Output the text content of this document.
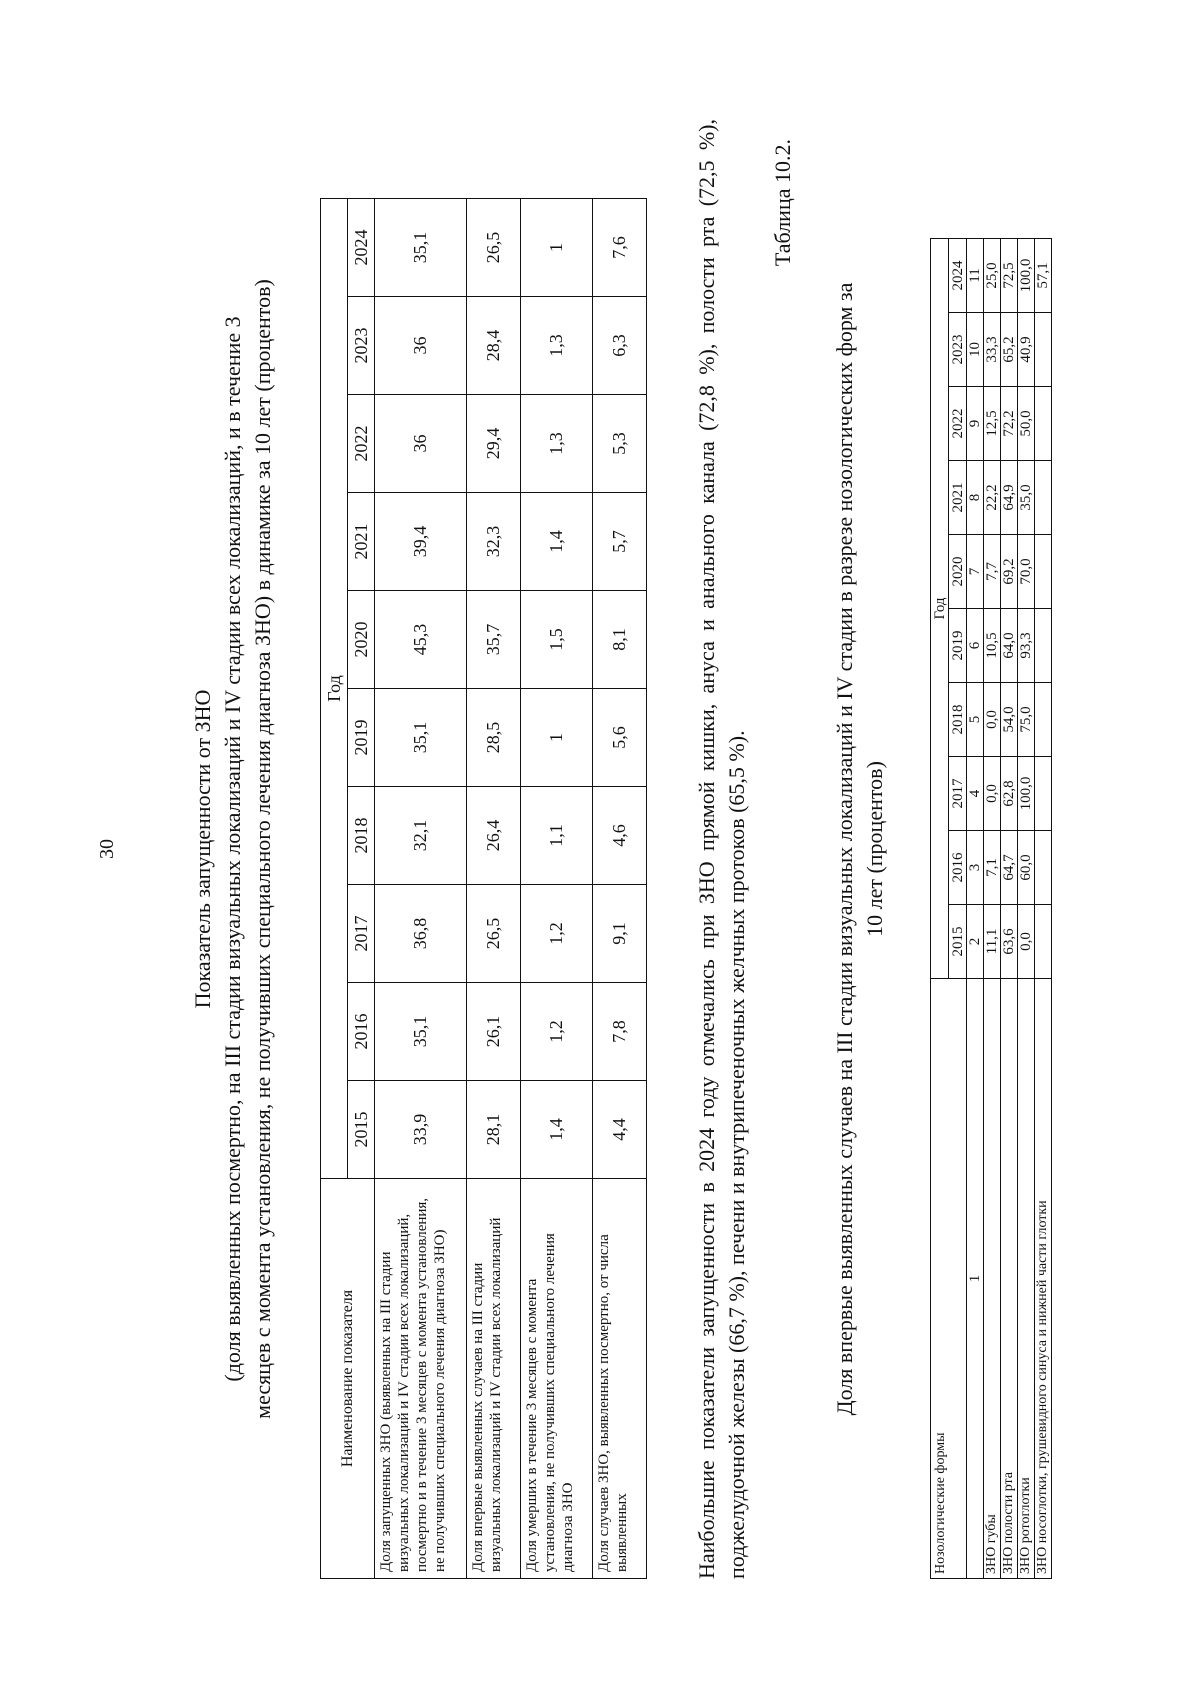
30	Показатель запущенности от ЗНО (доля выявленных посмертно, на III стадии визуальных локализаций и IV стадии всех локализаций, и в течение 3 месяцев с момента установления, не получивших специального лечения диагноза ЗНО) в динамике за 10 лет (процентов)	Наименование показателя	Год									
	2015	2016	2017	2018	2019	2020	2021	2022	2023	2024
Доля запущенных ЗНО (выявленных на III стадии визуальных локализаций и IV стадии всех локализаций, посмертно и в течение 3 месяцев с момента установления, не получивших специального лечения диагноза ЗНО)	33,9	35,1	36,8	32,1	35,1	45,3	39,4	36	36	35,1
Доля впервые выявленных случаев на III стадии визуальных локализаций и IV стадии всех локализаций	28,1	26,1	26,5	26,4	28,5	35,7	32,3	29,4	28,4	26,5
Доля умерших в течение 3 месяцев с момента установления, не получивших специального лечения диагноза ЗНО	1,4	1,2	1,2	1,1	1	1,5	1,4	1,3	1,3	1
Доля случаев ЗНО, выявленных посмертно, от числа выявленных	4,4	7,8	9,1	4,6	5,6	8,1	5,7	5,3	6,3	7,6	Наибольшие показатели запущенности в 2024 году отмечались при ЗНО прямой кишки, ануса и анального канала (72,8 %), полости рта (72,5 %), поджелудочной железы (66,7 %), печени и внутрипеченочных желчных протоков (65,5 %).

Таблица 10.2.
Доля впервые выявленных случаев на III стадии визуальных локализаций и IV стадии в разрезе нозологических форм за 10 лет (процентов)
Нозологические формы	Год									
	2015	2016	2017	2018	2019	2020	2021	2022	2023	2024
1	2	3	4	5	6	7	8	9	10	11
ЗНО губы	11,1	7,1	0,0	0,0	10,5	7,7	22,2	12,5	33,3	25,0
ЗНО полости рта	63,6	64,7	62,8	54,0	64,0	69,2	64,9	72,2	65,2	72,5
ЗНО ротоглотки	0,0	60,0	100,0	75,0	93,3	70,0	35,0	50,0	40,9	100,0
ЗНО носоглотки, грушевидного синуса и нижней части глотки										57,1
